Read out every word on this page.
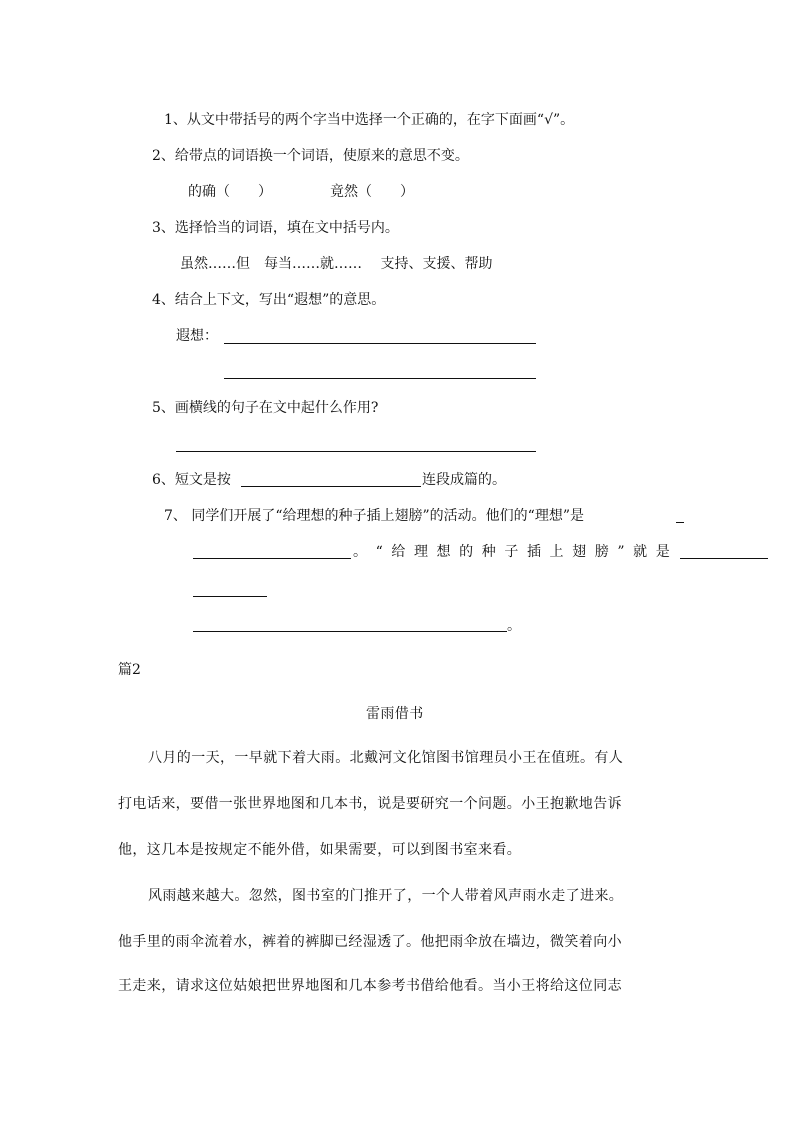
1、从文中带括号的两个字当中选择一个正确的，在字下面画“√”。
2、给带点的词语换一个词语，使原来的意思不变。
的确（　　）	竟然（　　）
3、选择恰当的词语，填在文中括号内。
虽然……但　每当……就……　 支持、支援、帮助
4、结合上下文，写出“遐想”的意思。
遐想：
5、画横线的句子在文中起什么作用?
6、短文是按	连段成篇的。
7、 同学们开展了“给理想的种子插上翅膀”的活动。他们的“理想”是
。“给理想的种子插上翅膀”就是
。
篇2
雷雨借书
八月的一天，一早就下着大雨。北戴河文化馆图书馆理员小王在值班。有人
打电话来，要借一张世界地图和几本书，说是要研究一个问题。小王抱歉地告诉
他，这几本是按规定不能外借，如果需要，可以到图书室来看。
风雨越来越大。忽然，图书室的门推开了，一个人带着风声雨水走了进来。
他手里的雨伞流着水，裤着的裤脚已经湿透了。他把雨伞放在墙边，微笑着向小
王走来，请求这位姑娘把世界地图和几本参考书借给他看。当小王将给这位同志
